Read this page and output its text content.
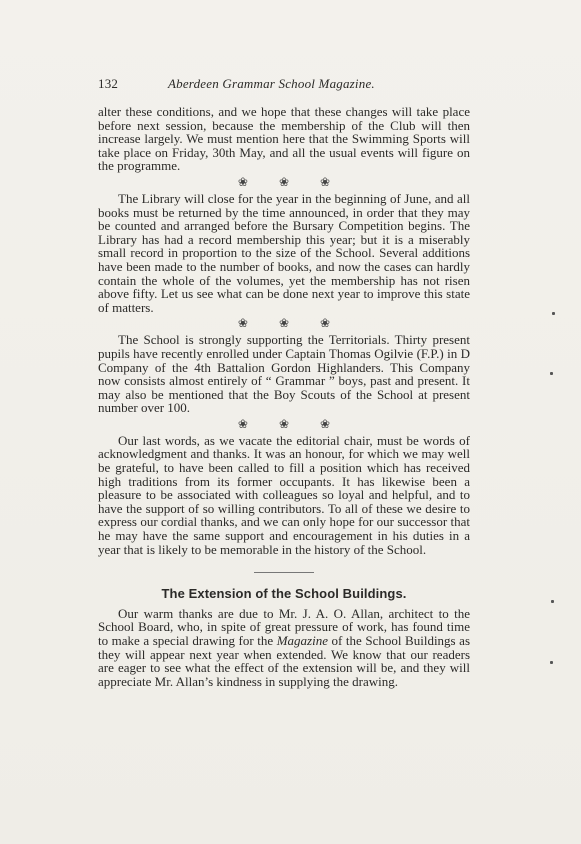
132	Aberdeen Grammar School Magazine.

alter these conditions, and we hope that these changes will take place before next session, because the membership of the Club will then increase largely. We must mention here that the Swimming Sports will take place on Friday, 30th May, and all the usual events will figure on the programme.

❀ ❀ ❀

The Library will close for the year in the beginning of June, and all books must be returned by the time announced, in order that they may be counted and arranged before the Bursary Competition begins. The Library has had a record membership this year; but it is a miserably small record in proportion to the size of the School. Several additions have been made to the number of books, and now the cases can hardly contain the whole of the volumes, yet the membership has not risen above fifty. Let us see what can be done next year to improve this state of matters.

❀ ❀ ❀

The School is strongly supporting the Territorials. Thirty present pupils have recently enrolled under Captain Thomas Ogilvie (F.P.) in D Company of the 4th Battalion Gordon Highlanders. This Company now consists almost entirely of “ Grammar ” boys, past and present. It may also be mentioned that the Boy Scouts of the School at present number over 100.

❀ ❀ ❀

Our last words, as we vacate the editorial chair, must be words of acknowledgment and thanks. It was an honour, for which we may well be grateful, to have been called to fill a position which has received high traditions from its former occupants. It has likewise been a pleasure to be associated with colleagues so loyal and helpful, and to have the support of so willing contributors. To all of these we desire to express our cordial thanks, and we can only hope for our successor that he may have the same support and encouragement in his duties in a year that is likely to be memorable in the history of the School.

The Extension of the School Buildings.

Our warm thanks are due to Mr. J. A. O. Allan, architect to the School Board, who, in spite of great pressure of work, has found time to make a special drawing for the Magazine of the School Buildings as they will appear next year when extended. We know that our readers are eager to see what the effect of the extension will be, and they will appreciate Mr. Allan’s kindness in supplying the drawing.
